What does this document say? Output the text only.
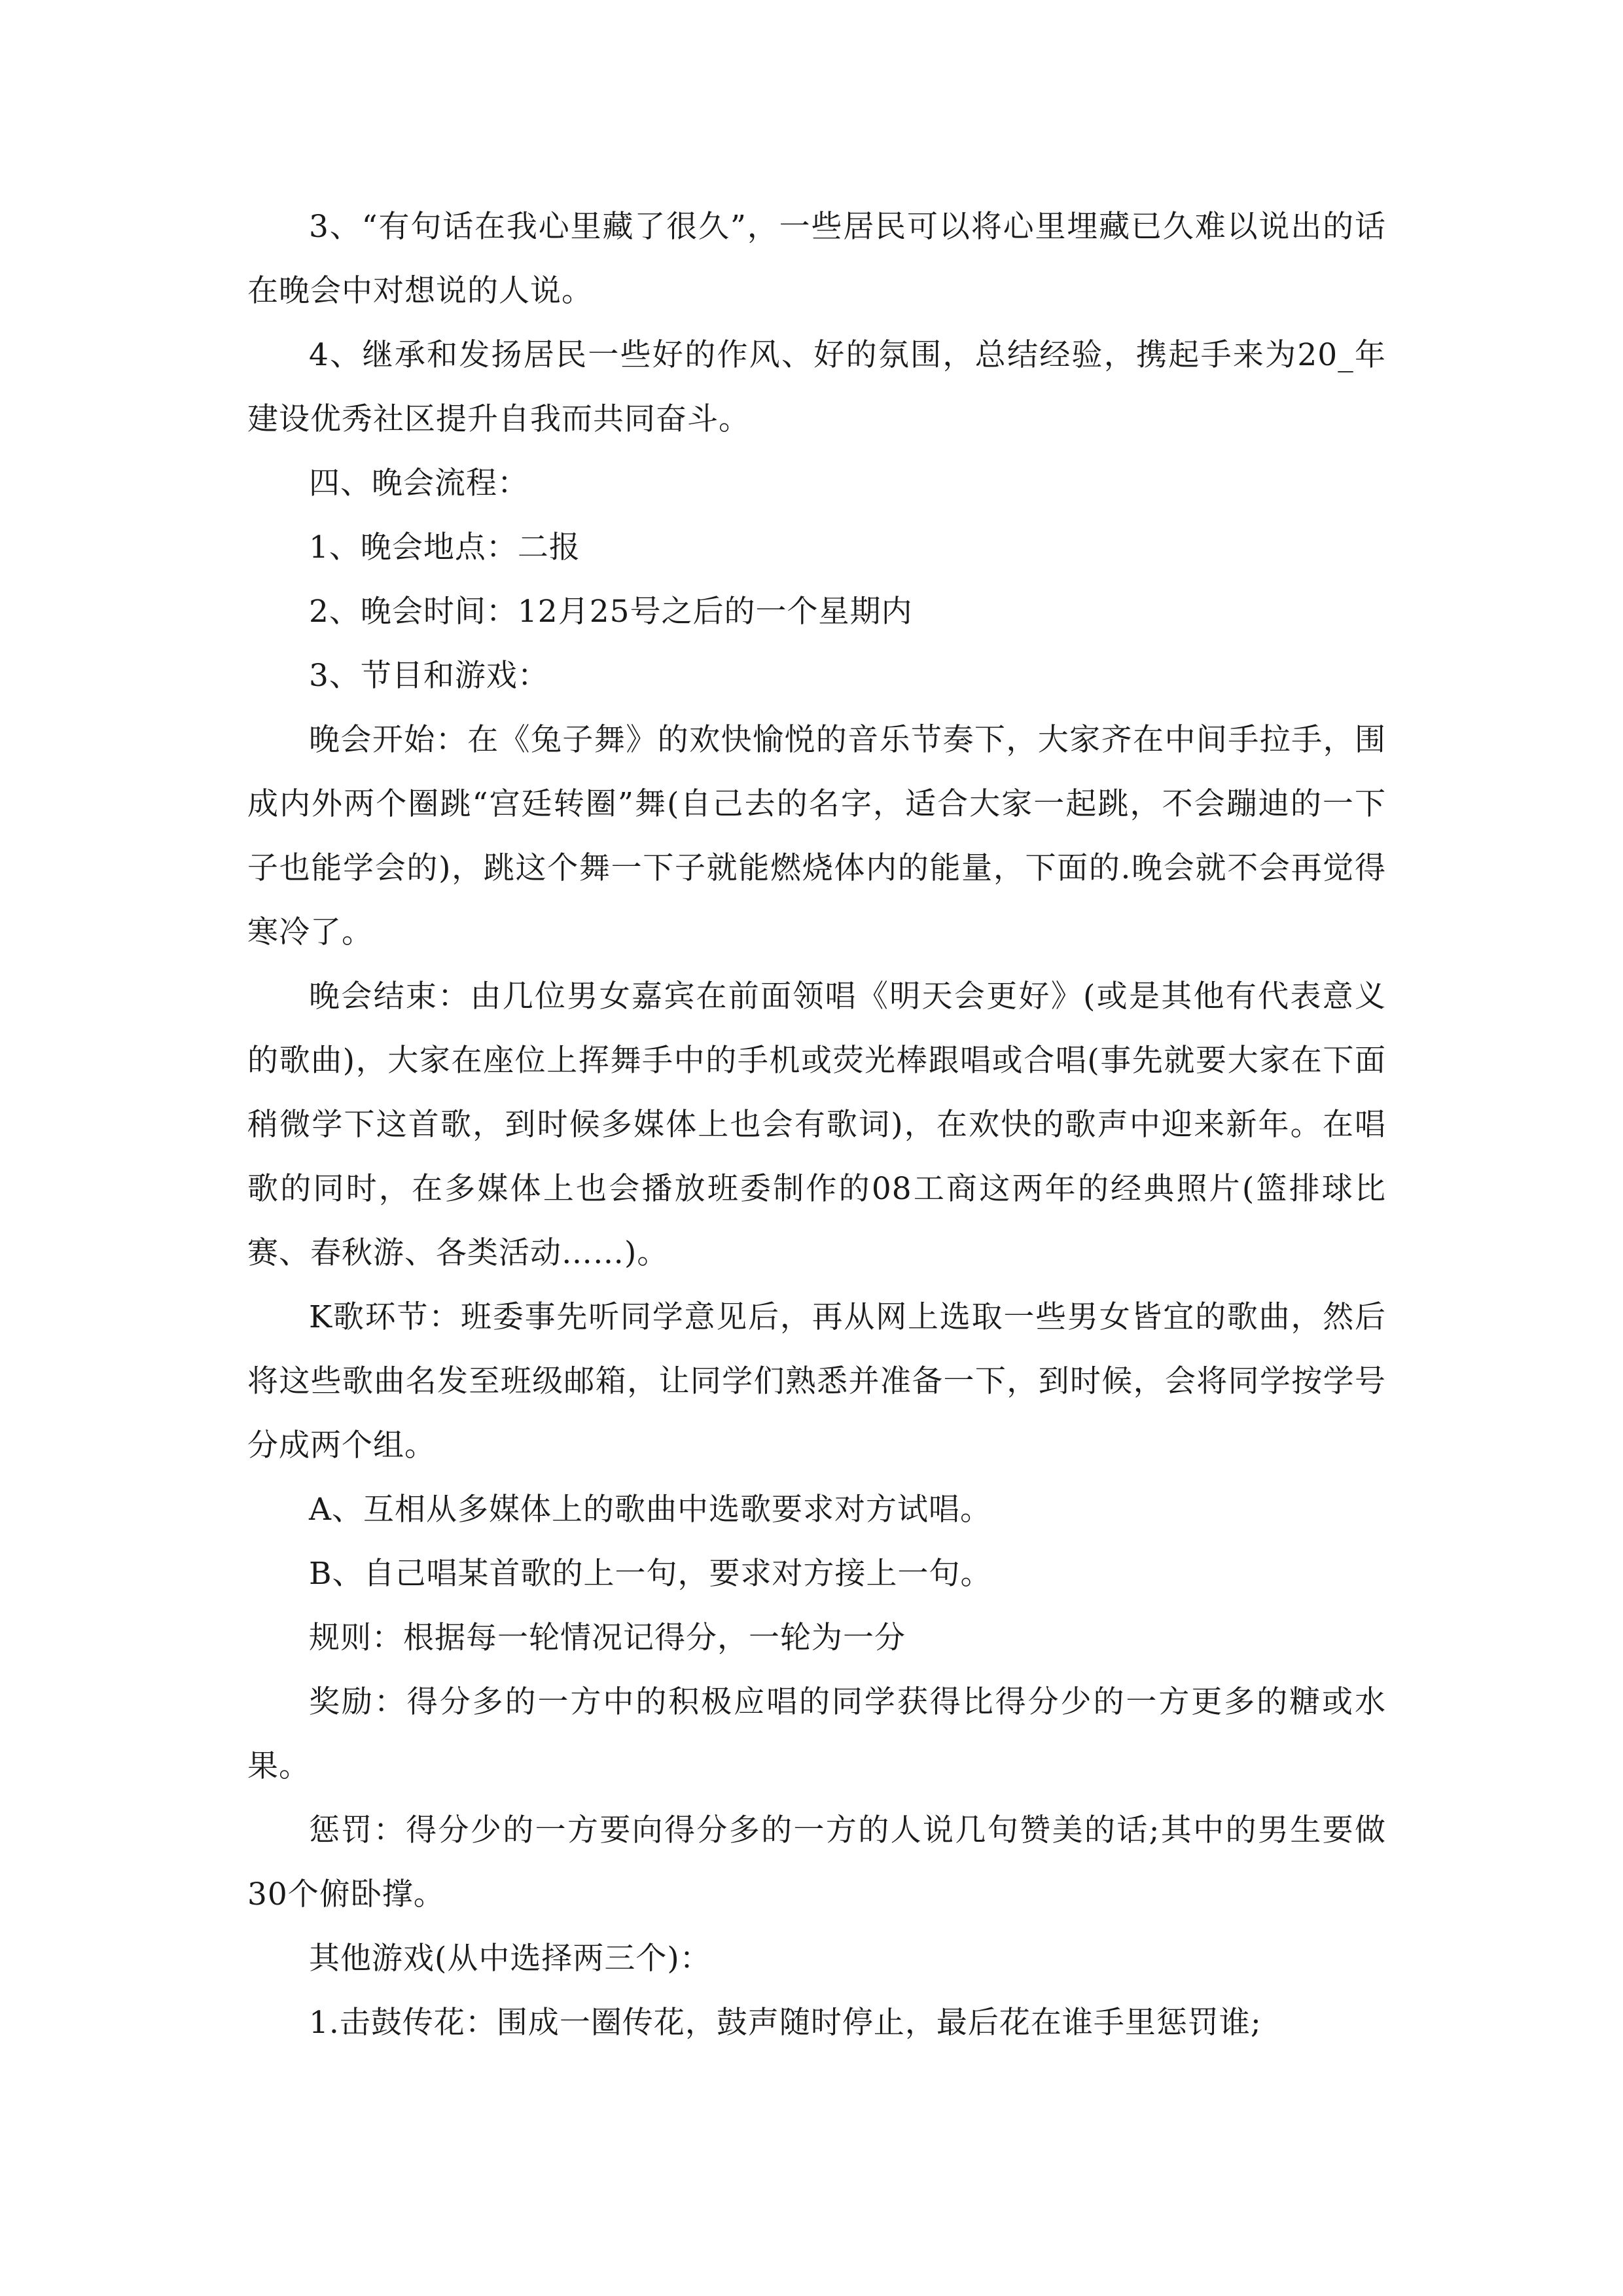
3、“有句话在我心里藏了很久”，一些居民可以将心里埋藏已久难以说出的话在晚会中对想说的人说。

4、继承和发扬居民一些好的作风、好的氛围，总结经验，携起手来为20_年建设优秀社区提升自我而共同奋斗。

四、晚会流程：

1、晚会地点：二报

2、晚会时间：12月25号之后的一个星期内

3、节目和游戏：

晚会开始：在《兔子舞》的欢快愉悦的音乐节奏下，大家齐在中间手拉手，围成内外两个圈跳“宫廷转圈”舞(自己去的名字，适合大家一起跳，不会蹦迪的一下子也能学会的)，跳这个舞一下子就能燃烧体内的能量，下面的.晚会就不会再觉得寒冷了。

晚会结束：由几位男女嘉宾在前面领唱《明天会更好》(或是其他有代表意义的歌曲)，大家在座位上挥舞手中的手机或荧光棒跟唱或合唱(事先就要大家在下面稍微学下这首歌，到时候多媒体上也会有歌词)，在欢快的歌声中迎来新年。在唱歌的同时，在多媒体上也会播放班委制作的08工商这两年的经典照片(篮排球比赛、春秋游、各类活动……)。

K歌环节：班委事先听同学意见后，再从网上选取一些男女皆宜的歌曲，然后将这些歌曲名发至班级邮箱，让同学们熟悉并准备一下，到时候，会将同学按学号分成两个组。

A、互相从多媒体上的歌曲中选歌要求对方试唱。

B、自己唱某首歌的上一句，要求对方接上一句。

规则：根据每一轮情况记得分，一轮为一分

奖励：得分多的一方中的积极应唱的同学获得比得分少的一方更多的糖或水果。

惩罚：得分少的一方要向得分多的一方的人说几句赞美的话;其中的男生要做30个俯卧撑。

其他游戏(从中选择两三个)：

1.击鼓传花：围成一圈传花，鼓声随时停止，最后花在谁手里惩罚谁;
